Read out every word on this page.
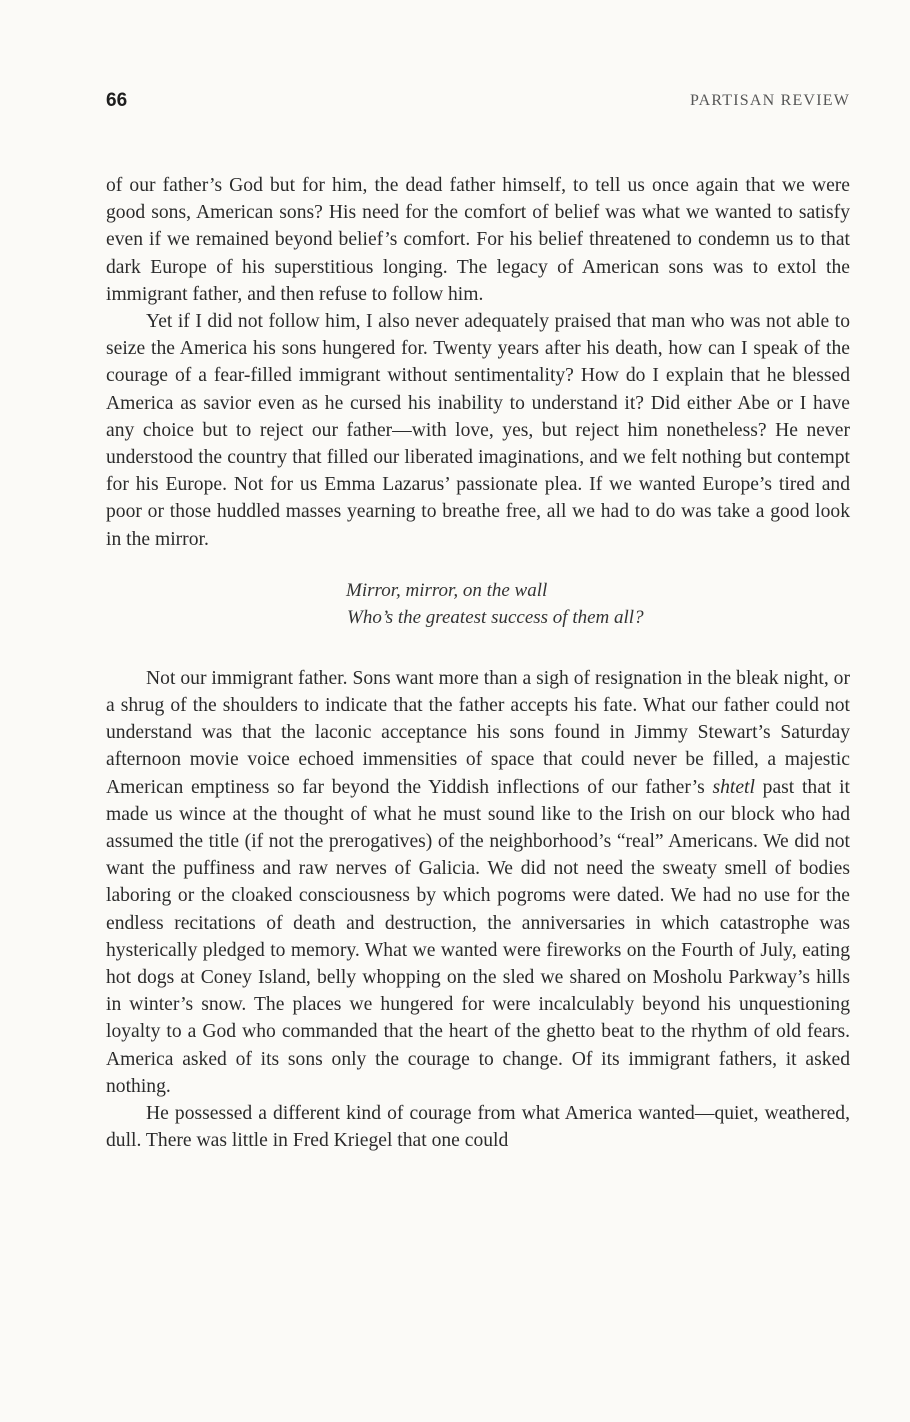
66	PARTISAN REVIEW

of our father’s God but for him, the dead father himself, to tell us once again that we were good sons, American sons? His need for the comfort of belief was what we wanted to satisfy even if we remained beyond belief’s comfort. For his belief threatened to condemn us to that dark Europe of his superstitious longing. The legacy of American sons was to extol the immigrant father, and then refuse to follow him.

Yet if I did not follow him, I also never adequately praised that man who was not able to seize the America his sons hungered for. Twenty years after his death, how can I speak of the courage of a fear-filled immigrant without sentimentality? How do I explain that he blessed America as savior even as he cursed his inability to understand it? Did either Abe or I have any choice but to reject our father—with love, yes, but reject him nonetheless? He never understood the country that filled our liberated imaginations, and we felt nothing but contempt for his Europe. Not for us Emma Lazarus’ passionate plea. If we wanted Europe’s tired and poor or those huddled masses yearning to breathe free, all we had to do was take a good look in the mirror.

Mirror, mirror, on the wall
Who’s the greatest success of them all?

Not our immigrant father. Sons want more than a sigh of resignation in the bleak night, or a shrug of the shoulders to indicate that the father accepts his fate. What our father could not understand was that the laconic acceptance his sons found in Jimmy Stewart’s Saturday afternoon movie voice echoed immensities of space that could never be filled, a majestic American emptiness so far beyond the Yiddish inflections of our father’s shtetl past that it made us wince at the thought of what he must sound like to the Irish on our block who had assumed the title (if not the prerogatives) of the neighborhood’s “real” Americans. We did not want the puffiness and raw nerves of Galicia. We did not need the sweaty smell of bodies laboring or the cloaked consciousness by which pogroms were dated. We had no use for the endless recitations of death and destruction, the anniversaries in which catastrophe was hysterically pledged to memory. What we wanted were fireworks on the Fourth of July, eating hot dogs at Coney Island, belly whopping on the sled we shared on Mosholu Parkway’s hills in winter’s snow. The places we hungered for were incalculably beyond his unquestioning loyalty to a God who commanded that the heart of the ghetto beat to the rhythm of old fears. America asked of its sons only the courage to change. Of its immigrant fathers, it asked nothing.

He possessed a different kind of courage from what America wanted—quiet, weathered, dull. There was little in Fred Kriegel that one could
